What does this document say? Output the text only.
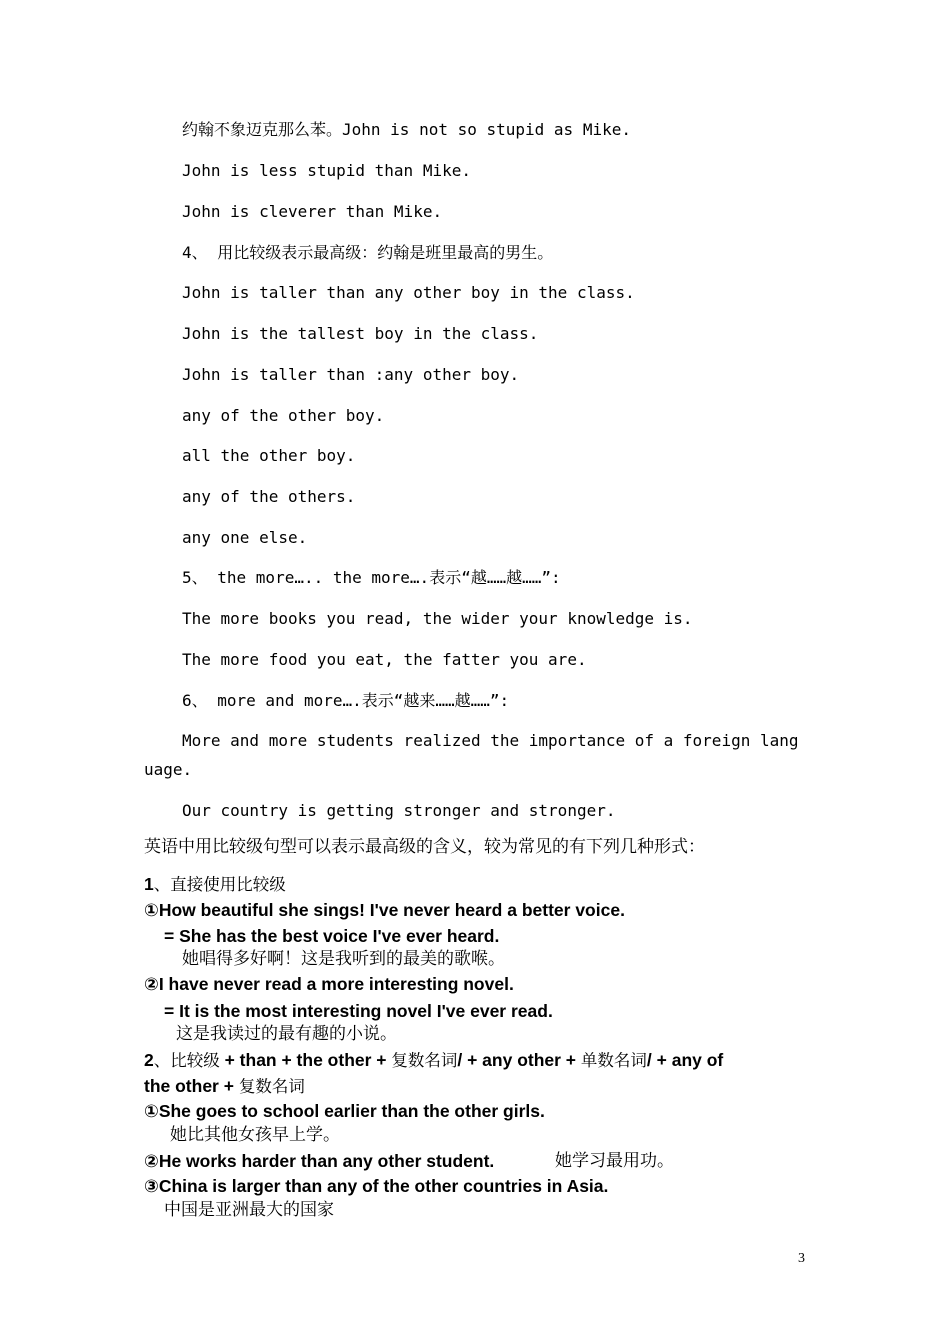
约翰不象迈克那么苯。John is not so stupid as Mike.
John is less stupid than Mike.
John is cleverer than Mike.
4、 用比较级表示最高级：约翰是班里最高的男生。
John is taller than any other boy in the class.
John is the tallest boy in the class.
John is taller than :any other boy.
any of the other boy.
all the other boy.
any of the others.
any one else.
5、 the more….. the more….表示“越……越……”:
The more books you read, the wider your knowledge is.
The more food you eat, the fatter you are.
6、 more and more….表示“越来……越……”:
More and more students realized the importance of a foreign lang
uage.
Our country is getting stronger and stronger.
英语中用比较级句型可以表示最高级的含义，较为常见的有下列几种形式：
1、直接使用比较级
①How beautiful she sings! I've never heard a better voice.
= She has the best voice I've ever heard.
她唱得多好啊！这是我听到的最美的歌喉。
②I have never read a more interesting novel.
= It is the most interesting novel I've ever read.
这是我读过的最有趣的小说。
2、比较级 + than + the other + 复数名词/ + any other + 单数名词/ + any of
the other + 复数名词
①She goes to school earlier than the other girls.
她比其他女孩早上学。
②He works harder than any other student.	她学习最用功。
③China is larger than any of the other countries in Asia.
中国是亚洲最大的国家
3
